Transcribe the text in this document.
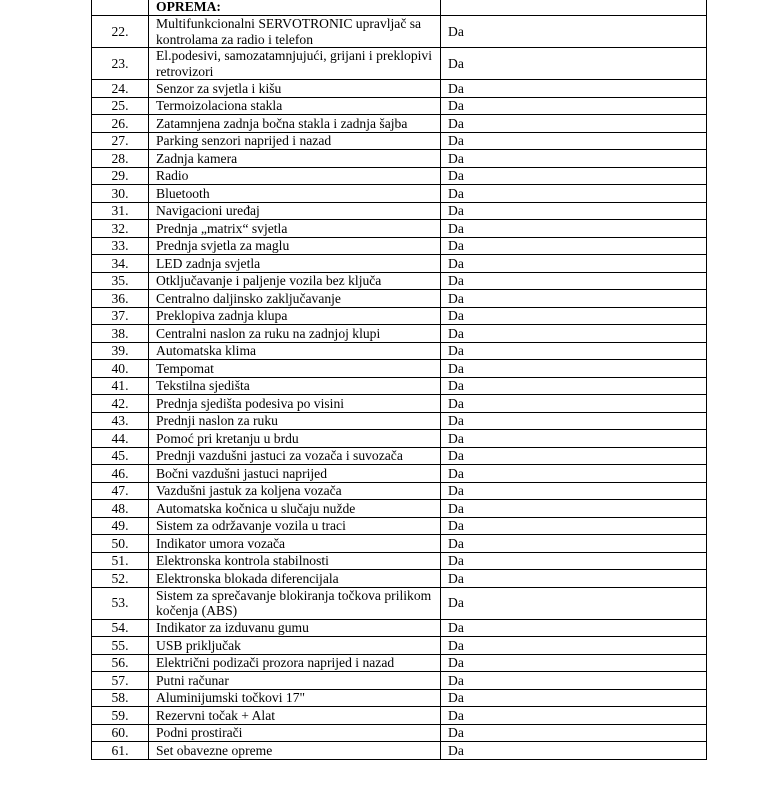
	OPREMA:	
22.	Multifunkcionalni SERVOTRONIC upravljač sa kontrolama za radio i telefon	Da
23.	El.podesivi, samozatamnjujući, grijani i preklopivi retrovizori	Da
24.	Senzor za svjetla i kišu	Da
25.	Termoizolaciona stakla	Da
26.	Zatamnjena zadnja bočna stakla i zadnja šajba	Da
27.	Parking senzori naprijed i nazad	Da
28.	Zadnja kamera	Da
29.	Radio	Da
30.	Bluetooth	Da
31.	Navigacioni uređaj	Da
32.	Prednja „matrix“ svjetla	Da
33.	Prednja svjetla za maglu	Da
34.	LED zadnja svjetla	Da
35.	Otključavanje i paljenje vozila bez ključa	Da
36.	Centralno daljinsko zaključavanje	Da
37.	Preklopiva zadnja klupa	Da
38.	Centralni naslon za ruku na zadnjoj klupi	Da
39.	Automatska klima	Da
40.	Tempomat	Da
41.	Tekstilna sjedišta	Da
42.	Prednja sjedišta podesiva po visini	Da
43.	Prednji naslon za ruku	Da
44.	Pomoć pri kretanju u brdu	Da
45.	Prednji vazdušni jastuci za vozača i suvozača	Da
46.	Bočni vazdušni jastuci naprijed	Da
47.	Vazdušni jastuk za koljena vozača	Da
48.	Automatska kočnica u slučaju nužde	Da
49.	Sistem za održavanje vozila u traci	Da
50.	Indikator umora vozača	Da
51.	Elektronska kontrola stabilnosti	Da
52.	Elektronska blokada diferencijala	Da
53.	Sistem za sprečavanje blokiranja točkova prilikom kočenja (ABS)	Da
54.	Indikator za izduvanu gumu	Da
55.	USB priključak	Da
56.	Električni podizači prozora naprijed i nazad	Da
57.	Putni računar	Da
58.	Aluminijumski točkovi 17"	Da
59.	Rezervni točak + Alat	Da
60.	Podni prostirači	Da
61.	Set obavezne opreme	Da
